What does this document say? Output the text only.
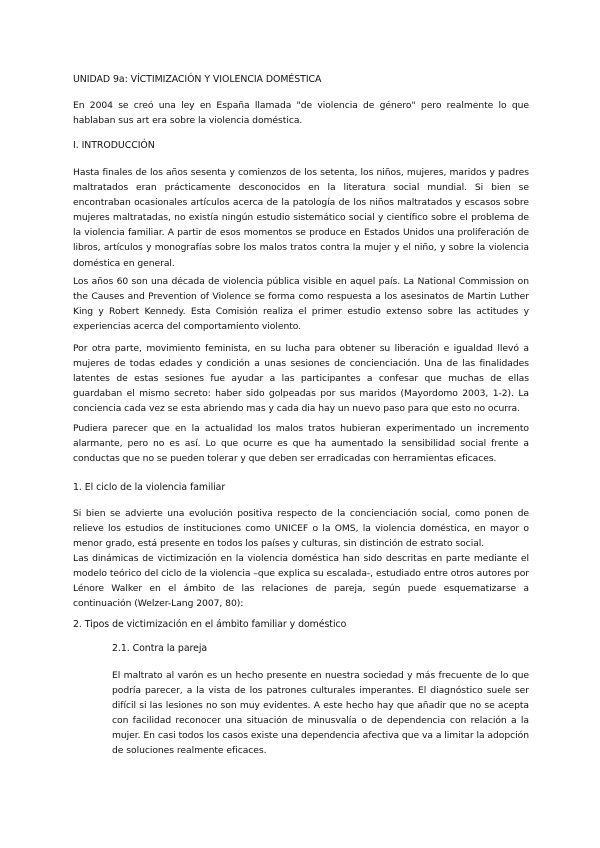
UNIDAD 9a: VÍCTIMIZACIÓN Y VIOLENCIA DOMÉSTICA

En 2004 se creó una ley en España llamada "de violencia de género" pero realmente lo que hablaban sus art era sobre la violencia doméstica.

I. INTRODUCCIÓN

Hasta finales de los años sesenta y comienzos de los setenta, los niños, mujeres, maridos y padres maltratados eran prácticamente desconocidos en la literatura social mundial. Si bien se encontraban ocasionales artículos acerca de la patología de los niños maltratados y escasos sobre mujeres maltratadas, no existía ningún estudio sistemático social y científico sobre el problema de la violencia familiar. A partir de esos momentos se produce en Estados Unidos una proliferación de libros, artículos y monografías sobre los malos tratos contra la mujer y el niño, y sobre la violencia doméstica en general.

Los años 60 son una década de violencia pública visible en aquel país. La National Commission on the Causes and Prevention of Violence se forma como respuesta a los asesinatos de Martin Luther King y Robert Kennedy. Esta Comisión realiza el primer estudio extenso sobre las actitudes y experiencias acerca del comportamiento violento.

Por otra parte, movimiento feminista, en su lucha para obtener su liberación e igualdad llevó a mujeres de todas edades y condición a unas sesiones de concienciación. Una de las finalidades latentes de estas sesiones fue ayudar a las participantes a confesar que muchas de ellas guardaban el mismo secreto: haber sido golpeadas por sus maridos (Mayordomo 2003, 1-2). La conciencia cada vez se esta abriendo mas y cada dia hay un nuevo paso para que esto no ocurra.

Pudiera parecer que en la actualidad los malos tratos hubieran experimentado un incremento alarmante, pero no es así. Lo que ocurre es que ha aumentado la sensibilidad social frente a conductas que no se pueden tolerar y que deben ser erradicadas con herramientas eficaces.

1. El ciclo de la violencia familiar

Si bien se advierte una evolución positiva respecto de la concienciación social, como ponen de relieve los estudios de instituciones como UNICEF o la OMS, la violencia doméstica, en mayor o menor grado, está presente en todos los países y culturas, sin distinción de estrato social.

Las dinámicas de victimización en la violencia doméstica han sido descritas en parte mediante el modelo teórico del ciclo de la violencia –que explica su escalada-, estudiado entre otros autores por Lénore Walker en el ámbito de las relaciones de pareja, según puede esquematizarse a continuación (Welzer-Lang 2007, 80):

2. Tipos de victimización en el ámbito familiar y doméstico
2.1. Contra la pareja

El maltrato al varón es un hecho presente en nuestra sociedad y más frecuente de lo que podría parecer, a la vista de los patrones culturales imperantes. El diagnóstico suele ser difícil si las lesiones no son muy evidentes. A este hecho hay que añadir que no se acepta con facilidad reconocer una situación de minusvalía o de dependencia con relación a la mujer. En casi todos los casos existe una dependencia afectiva que va a limitar la adopción de soluciones realmente eficaces.
